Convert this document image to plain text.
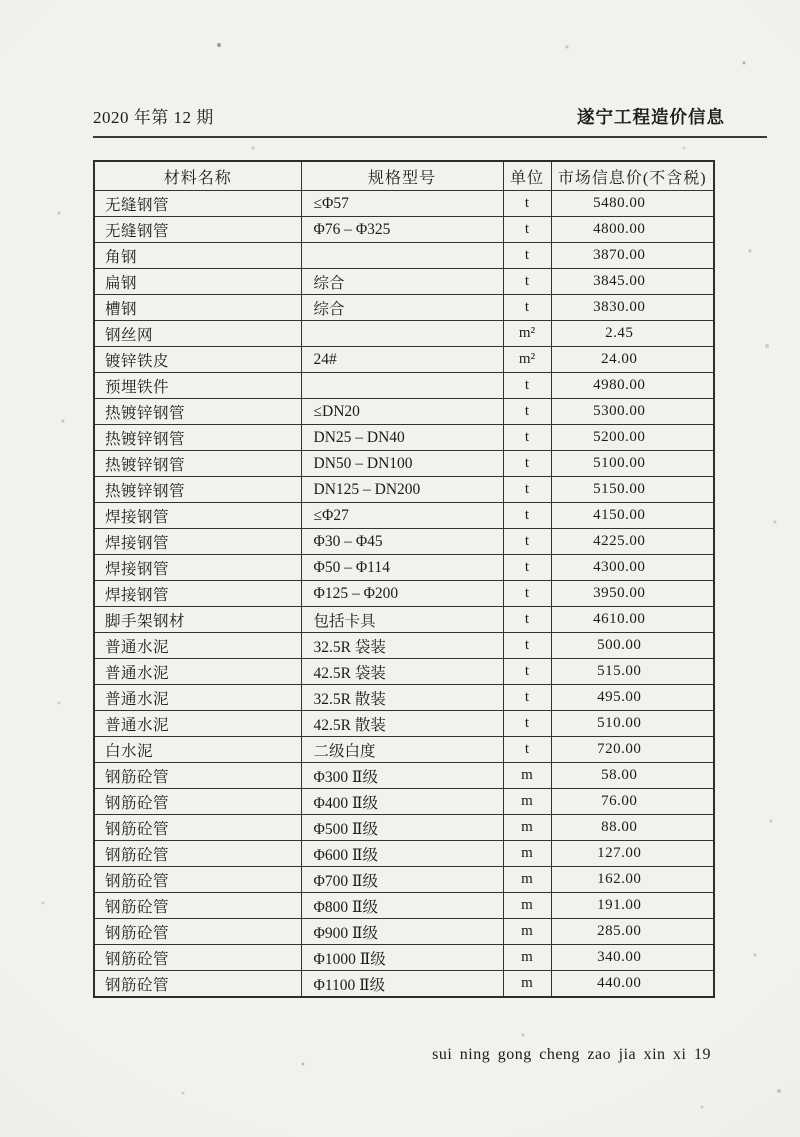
2020 年第 12 期	遂宁工程造价信息
材料名称	规格型号	单位	市场信息价(不含税)
无缝钢管	≤Φ57	t	5480.00
无缝钢管	Φ76 – Φ325	t	4800.00
角钢		t	3870.00
扁钢	综合	t	3845.00
槽钢	综合	t	3830.00
钢丝网		m²	2.45
镀锌铁皮	24#	m²	24.00
预埋铁件		t	4980.00
热镀锌钢管	≤DN20	t	5300.00
热镀锌钢管	DN25 – DN40	t	5200.00
热镀锌钢管	DN50 – DN100	t	5100.00
热镀锌钢管	DN125 – DN200	t	5150.00
焊接钢管	≤Φ27	t	4150.00
焊接钢管	Φ30 – Φ45	t	4225.00
焊接钢管	Φ50 – Φ114	t	4300.00
焊接钢管	Φ125 – Φ200	t	3950.00
脚手架钢材	包括卡具	t	4610.00
普通水泥	32.5R 袋装	t	500.00
普通水泥	42.5R 袋装	t	515.00
普通水泥	32.5R 散装	t	495.00
普通水泥	42.5R 散装	t	510.00
白水泥	二级白度	t	720.00
钢筋砼管	Φ300 Ⅱ级	m	58.00
钢筋砼管	Φ400 Ⅱ级	m	76.00
钢筋砼管	Φ500 Ⅱ级	m	88.00
钢筋砼管	Φ600 Ⅱ级	m	127.00
钢筋砼管	Φ700 Ⅱ级	m	162.00
钢筋砼管	Φ800 Ⅱ级	m	191.00
钢筋砼管	Φ900 Ⅱ级	m	285.00
钢筋砼管	Φ1000 Ⅱ级	m	340.00
钢筋砼管	Φ1100 Ⅱ级	m	440.00
sui ning gong cheng zao jia xin xi 19
